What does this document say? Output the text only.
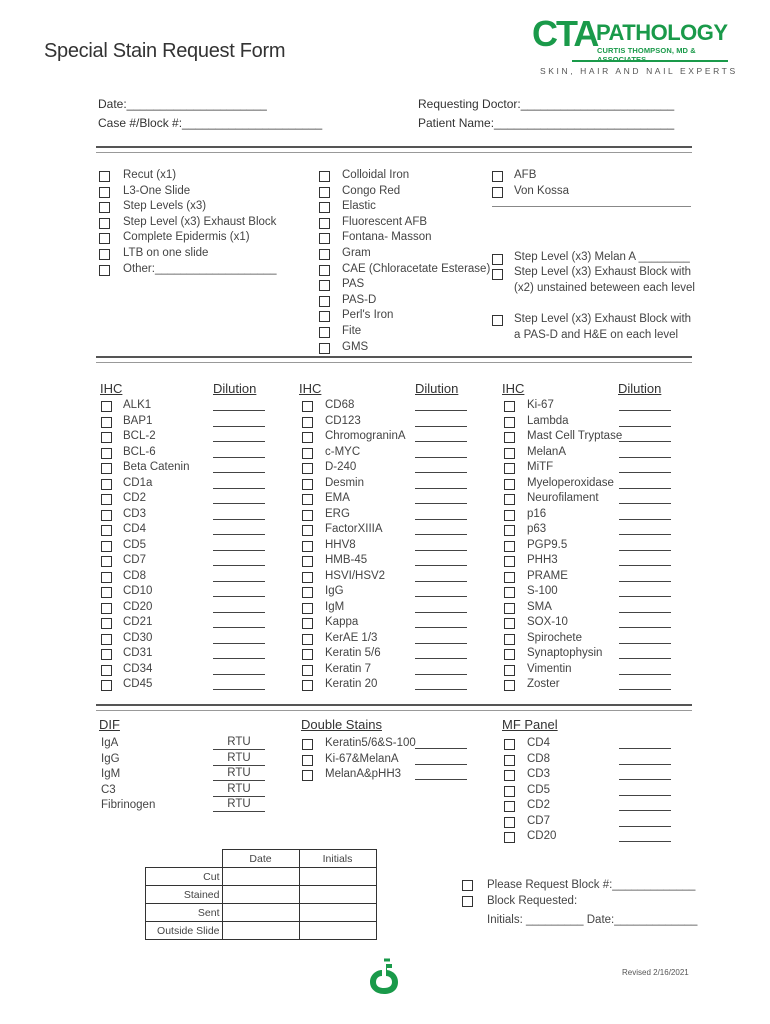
Special Stain Request Form	CTA
PATHOLOGY
CURTIS THOMPSON, MD &
SKIN, HAIR AND NAIL EXPERTS
Date:_____________________
Case #/Block #:_____________________
Requesting Doctor:_______________________
Patient Name:___________________________
Recut (x1)
L3-One Slide
Step Levels (x3)
Step Level (x3) Exhaust Block
Complete Epidermis (x1)
LTB on one slide
Other:___________________
Colloidal Iron
Congo Red
Elastic
Fluorescent AFB
Fontana- Masson
Gram
CAE (Chloracetate Esterase)
PAS
PAS-D
Perl's Iron
Fite
GMS
AFB
Von Kossa
Step Level (x3) Melan A ________
Step Level (x3) Exhaust Block with
(x2) unstained beteween each level
Step Level (x3) Exhaust Block with
a PAS-D and H&E on each level
IHC	Dilution
ALK1
BAP1
BCL-2
BCL-6
Beta Catenin
CD1a
CD2
CD3
CD4
CD5
CD7
CD8
CD10
CD20
CD21
CD30
CD31
CD34
CD45
IHC	Dilution
CD68
CD123
ChromograninA
c-MYC
D-240
Desmin
EMA
ERG
FactorXIIIA
HHV8
HMB-45
HSVI/HSV2
IgG
IgM
Kappa
KerAE 1/3
Keratin 5/6
Keratin 7
Keratin 20
IHC	Dilution
Ki-67
Lambda
Mast Cell Tryptase
MelanA
MiTF
Myeloperoxidase
Neurofilament
p16
p63
PGP9.5
PHH3
PRAME
S-100
SMA
SOX-10
Spirochete
Synaptophysin
Vimentin
Zoster
DIF
IgA	RTU
IgG	RTU
IgM	RTU
C3	RTU
Fibrinogen	RTU
Double Stains
Keratin5/6&S-100
Ki-67&MelanA
MelanA&pHH3
MF Panel
CD4
CD8
CD3
CD5
CD2
CD7
CD20
	Date	Initials
Cut		
Stained		
Sent		
Outside Slide		
Please Request Block #:_____________
Block Requested:
Initials: _________ Date:_____________
Revised 2/16/2021
